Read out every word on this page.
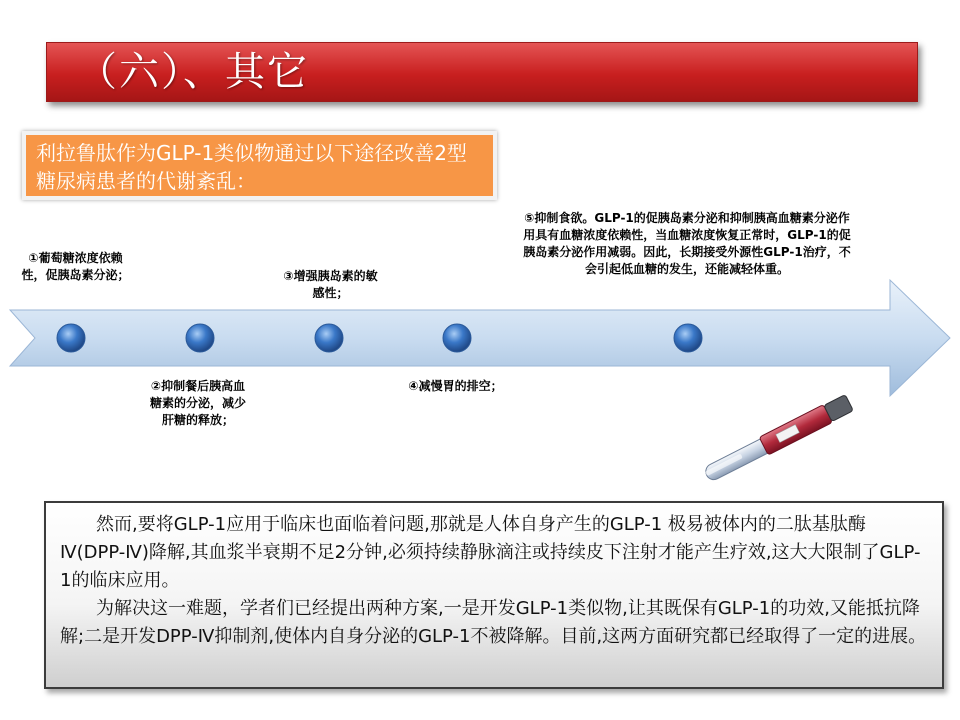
（六）、其它
利拉鲁肽作为GLP-1类似物通过以下途径改善2型糖尿病患者的代谢紊乱：
①葡萄糖浓度依赖性，促胰岛素分泌；
②抑制餐后胰高血糖素的分泌，减少肝糖的释放；
③增强胰岛素的敏感性；
④减慢胃的排空；
⑤抑制食欲。GLP-1的促胰岛素分泌和抑制胰高血糖素分泌作用具有血糖浓度依赖性，当血糖浓度恢复正常时，GLP-1的促胰岛素分泌作用减弱。因此，长期接受外源性GLP-1治疗，不会引起低血糖的发生，还能减轻体重。

然而,要将GLP-1应用于临床也面临着问题,那就是人体自身产生的GLP-1 极易被体内的二肽基肽酶Ⅳ(DPP-Ⅳ)降解,其血浆半衰期不足2分钟,必须持续静脉滴注或持续皮下注射才能产生疗效,这大大限制了GLP-1的临床应用。

为解决这一难题，学者们已经提出两种方案,一是开发GLP-1类似物,让其既保有GLP-1的功效,又能抵抗降解;二是开发DPP-Ⅳ抑制剂,使体内自身分泌的GLP-1不被降解。目前,这两方面研究都已经取得了一定的进展。
